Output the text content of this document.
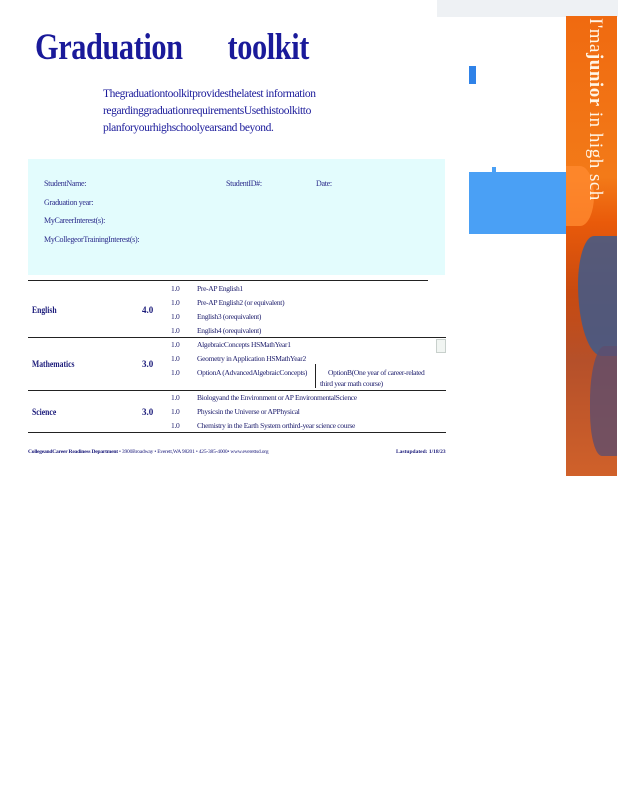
Graduation toolkit
Thegraduationtoolkitprovidesthelatest information
regardinggraduationrequirementsUsethistoolkitto
planforyourhighschoolyearsand beyond.
StudentName:	StudentID#:	Date:
Graduation year:
MyCareerInterest(s):
MyCollegeorTrainingInterest(s):
I'majunior in high sch
English	4.0
1.0 Pre-AP English1
1.0 Pre-AP English2 (or equivalent)
1.0 English3 (orequivalent)
1.0 English4 (orequivalent)
Mathematics	3.0
1.0 AlgebraicConcepts HSMathYear1
1.0 Geometry in Application HSMathYear2
1.0 OptionA (AdvancedAlgebraicConcepts)	OptionB(One year of career-related
third year math course)
Science	3.0
1.0 Biologyand the Environment or AP EnvironmentalScience
1.0 Physicsin the Universe or APPhysical
1.0 Chemistry in the Earth System orthird-year science course
CollegeandCareer Readiness Department • 3900Broadway • Everett,WA 98201 • 425-385-4000• www.everettsd.org	Lastupdated: 1/18/23
